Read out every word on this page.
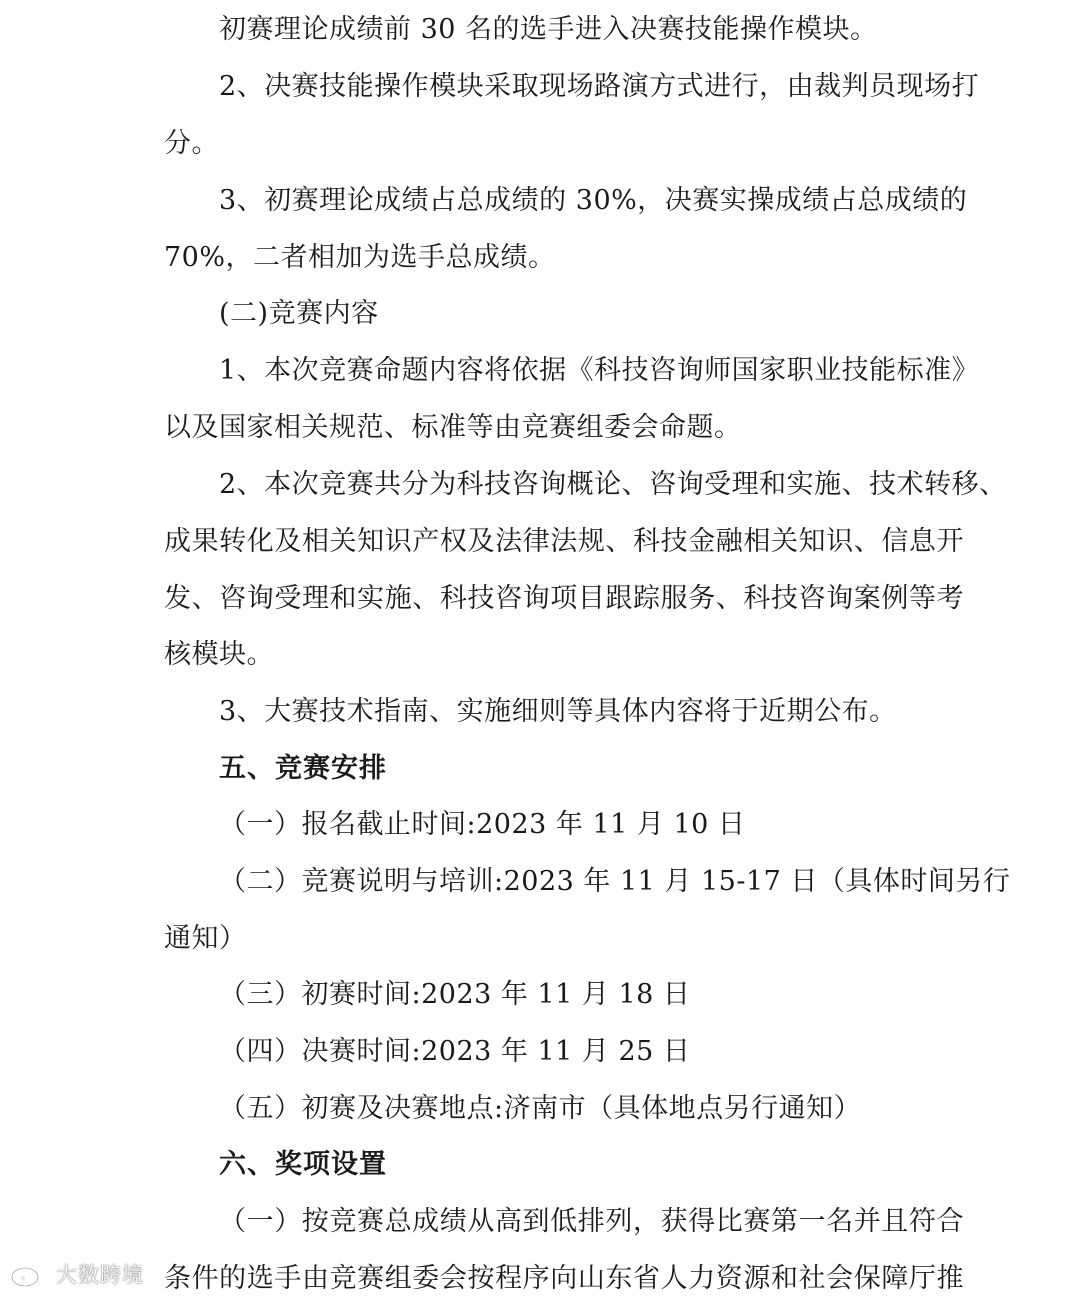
初赛理论成绩前 30 名的选手进入决赛技能操作模块。
2、决赛技能操作模块采取现场路演方式进行，由裁判员现场打
分。
3、初赛理论成绩占总成绩的 30%，决赛实操成绩占总成绩的
70%，二者相加为选手总成绩。
(二)竞赛内容
1、本次竞赛命题内容将依据《科技咨询师国家职业技能标准》
以及国家相关规范、标准等由竞赛组委会命题。
2、本次竞赛共分为科技咨询概论、咨询受理和实施、技术转移、
成果转化及相关知识产权及法律法规、科技金融相关知识、信息开
发、咨询受理和实施、科技咨询项目跟踪服务、科技咨询案例等考
核模块。
3、大赛技术指南、实施细则等具体内容将于近期公布。
五、竞赛安排
（一）报名截止时间:2023 年 11 月 10 日
（二）竞赛说明与培训:2023 年 11 月 15-17 日（具体时间另行
通知）
（三）初赛时间:2023 年 11 月 18 日
（四）决赛时间:2023 年 11 月 25 日
（五）初赛及决赛地点:济南市（具体地点另行通知）
六、奖项设置
（一）按竞赛总成绩从高到低排列，获得比赛第一名并且符合
条件的选手由竞赛组委会按程序向山东省人力资源和社会保障厅推
大数跨境
